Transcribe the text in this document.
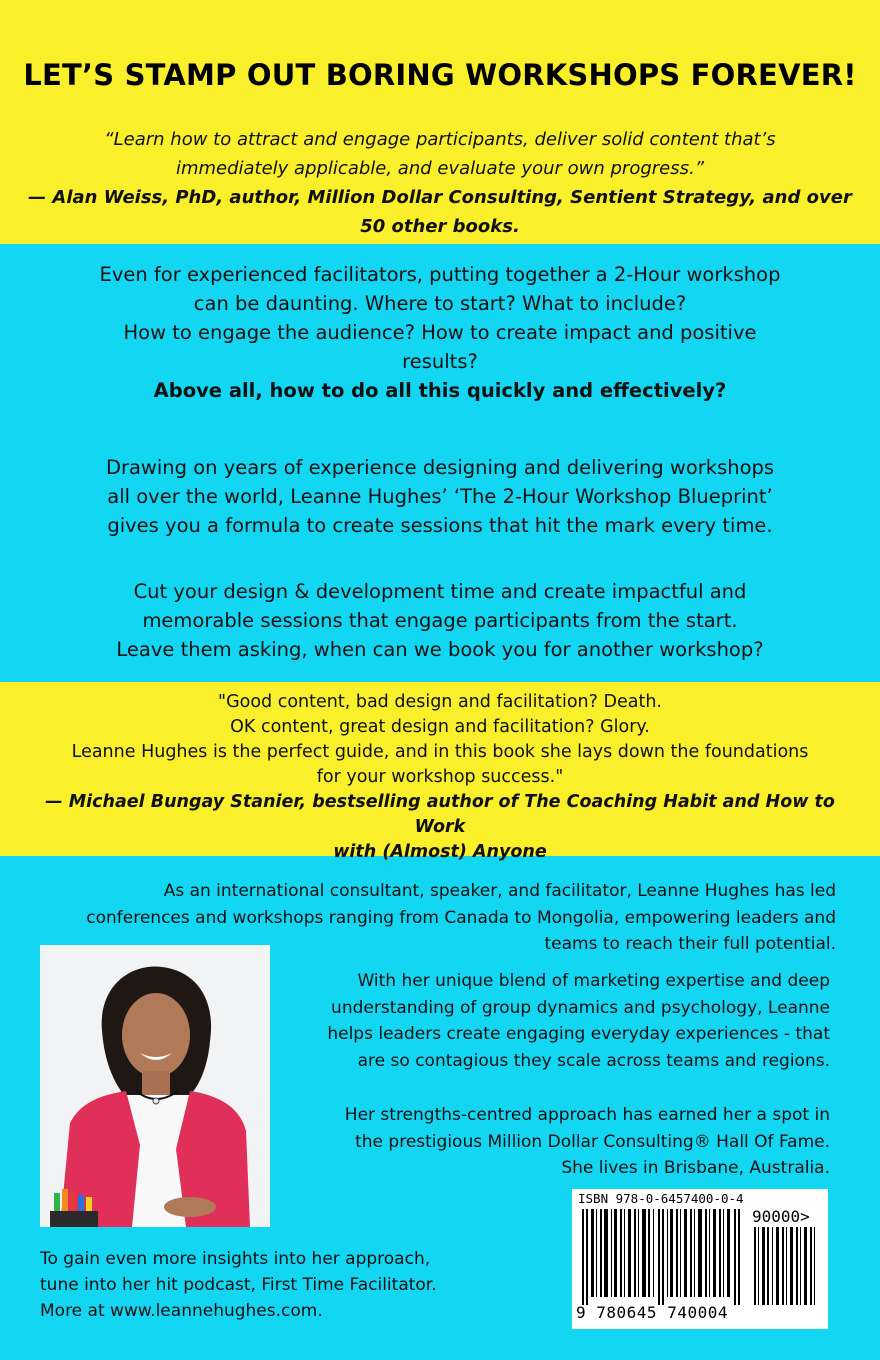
LET’S STAMP OUT BORING WORKSHOPS FOREVER!
“Learn how to attract and engage participants, deliver solid content that’s
immediately applicable, and evaluate your own progress.”
— Alan Weiss, PhD, author, Million Dollar Consulting, Sentient Strategy, and over
50 other books.
Even for experienced facilitators, putting together a 2-Hour workshop
can be daunting. Where to start? What to include?
How to engage the audience? How to create impact and positive
results?
Above all, how to do all this quickly and effectively?
Drawing on years of experience designing and delivering workshops
all over the world, Leanne Hughes’ ‘The 2-Hour Workshop Blueprint’
gives you a formula to create sessions that hit the mark every time.
Cut your design & development time and create impactful and
memorable sessions that engage participants from the start.
Leave them asking, when can we book you for another workshop?
"Good content, bad design and facilitation? Death.
OK content, great design and facilitation? Glory.
Leanne Hughes is the perfect guide, and in this book she lays down the foundations
for your workshop success."
— Michael Bungay Stanier, bestselling author of The Coaching Habit and How to Work
with (Almost) Anyone
As an international consultant, speaker, and facilitator, Leanne Hughes has led
conferences and workshops ranging from Canada to Mongolia, empowering leaders and
teams to reach their full potential.
With her unique blend of marketing expertise and deep
understanding of group dynamics and psychology, Leanne
helps leaders create engaging everyday experiences - that
are so contagious they scale across teams and regions.
Her strengths-centred approach has earned her a spot in
the prestigious Million Dollar Consulting® Hall Of Fame.
She lives in Brisbane, Australia.
To gain even more insights into her approach,
tune into her hit podcast, First Time Facilitator.
More at www.leannehughes.com.
ISBN 978-0-6457400-0-4
90000>
9 780645 740004
